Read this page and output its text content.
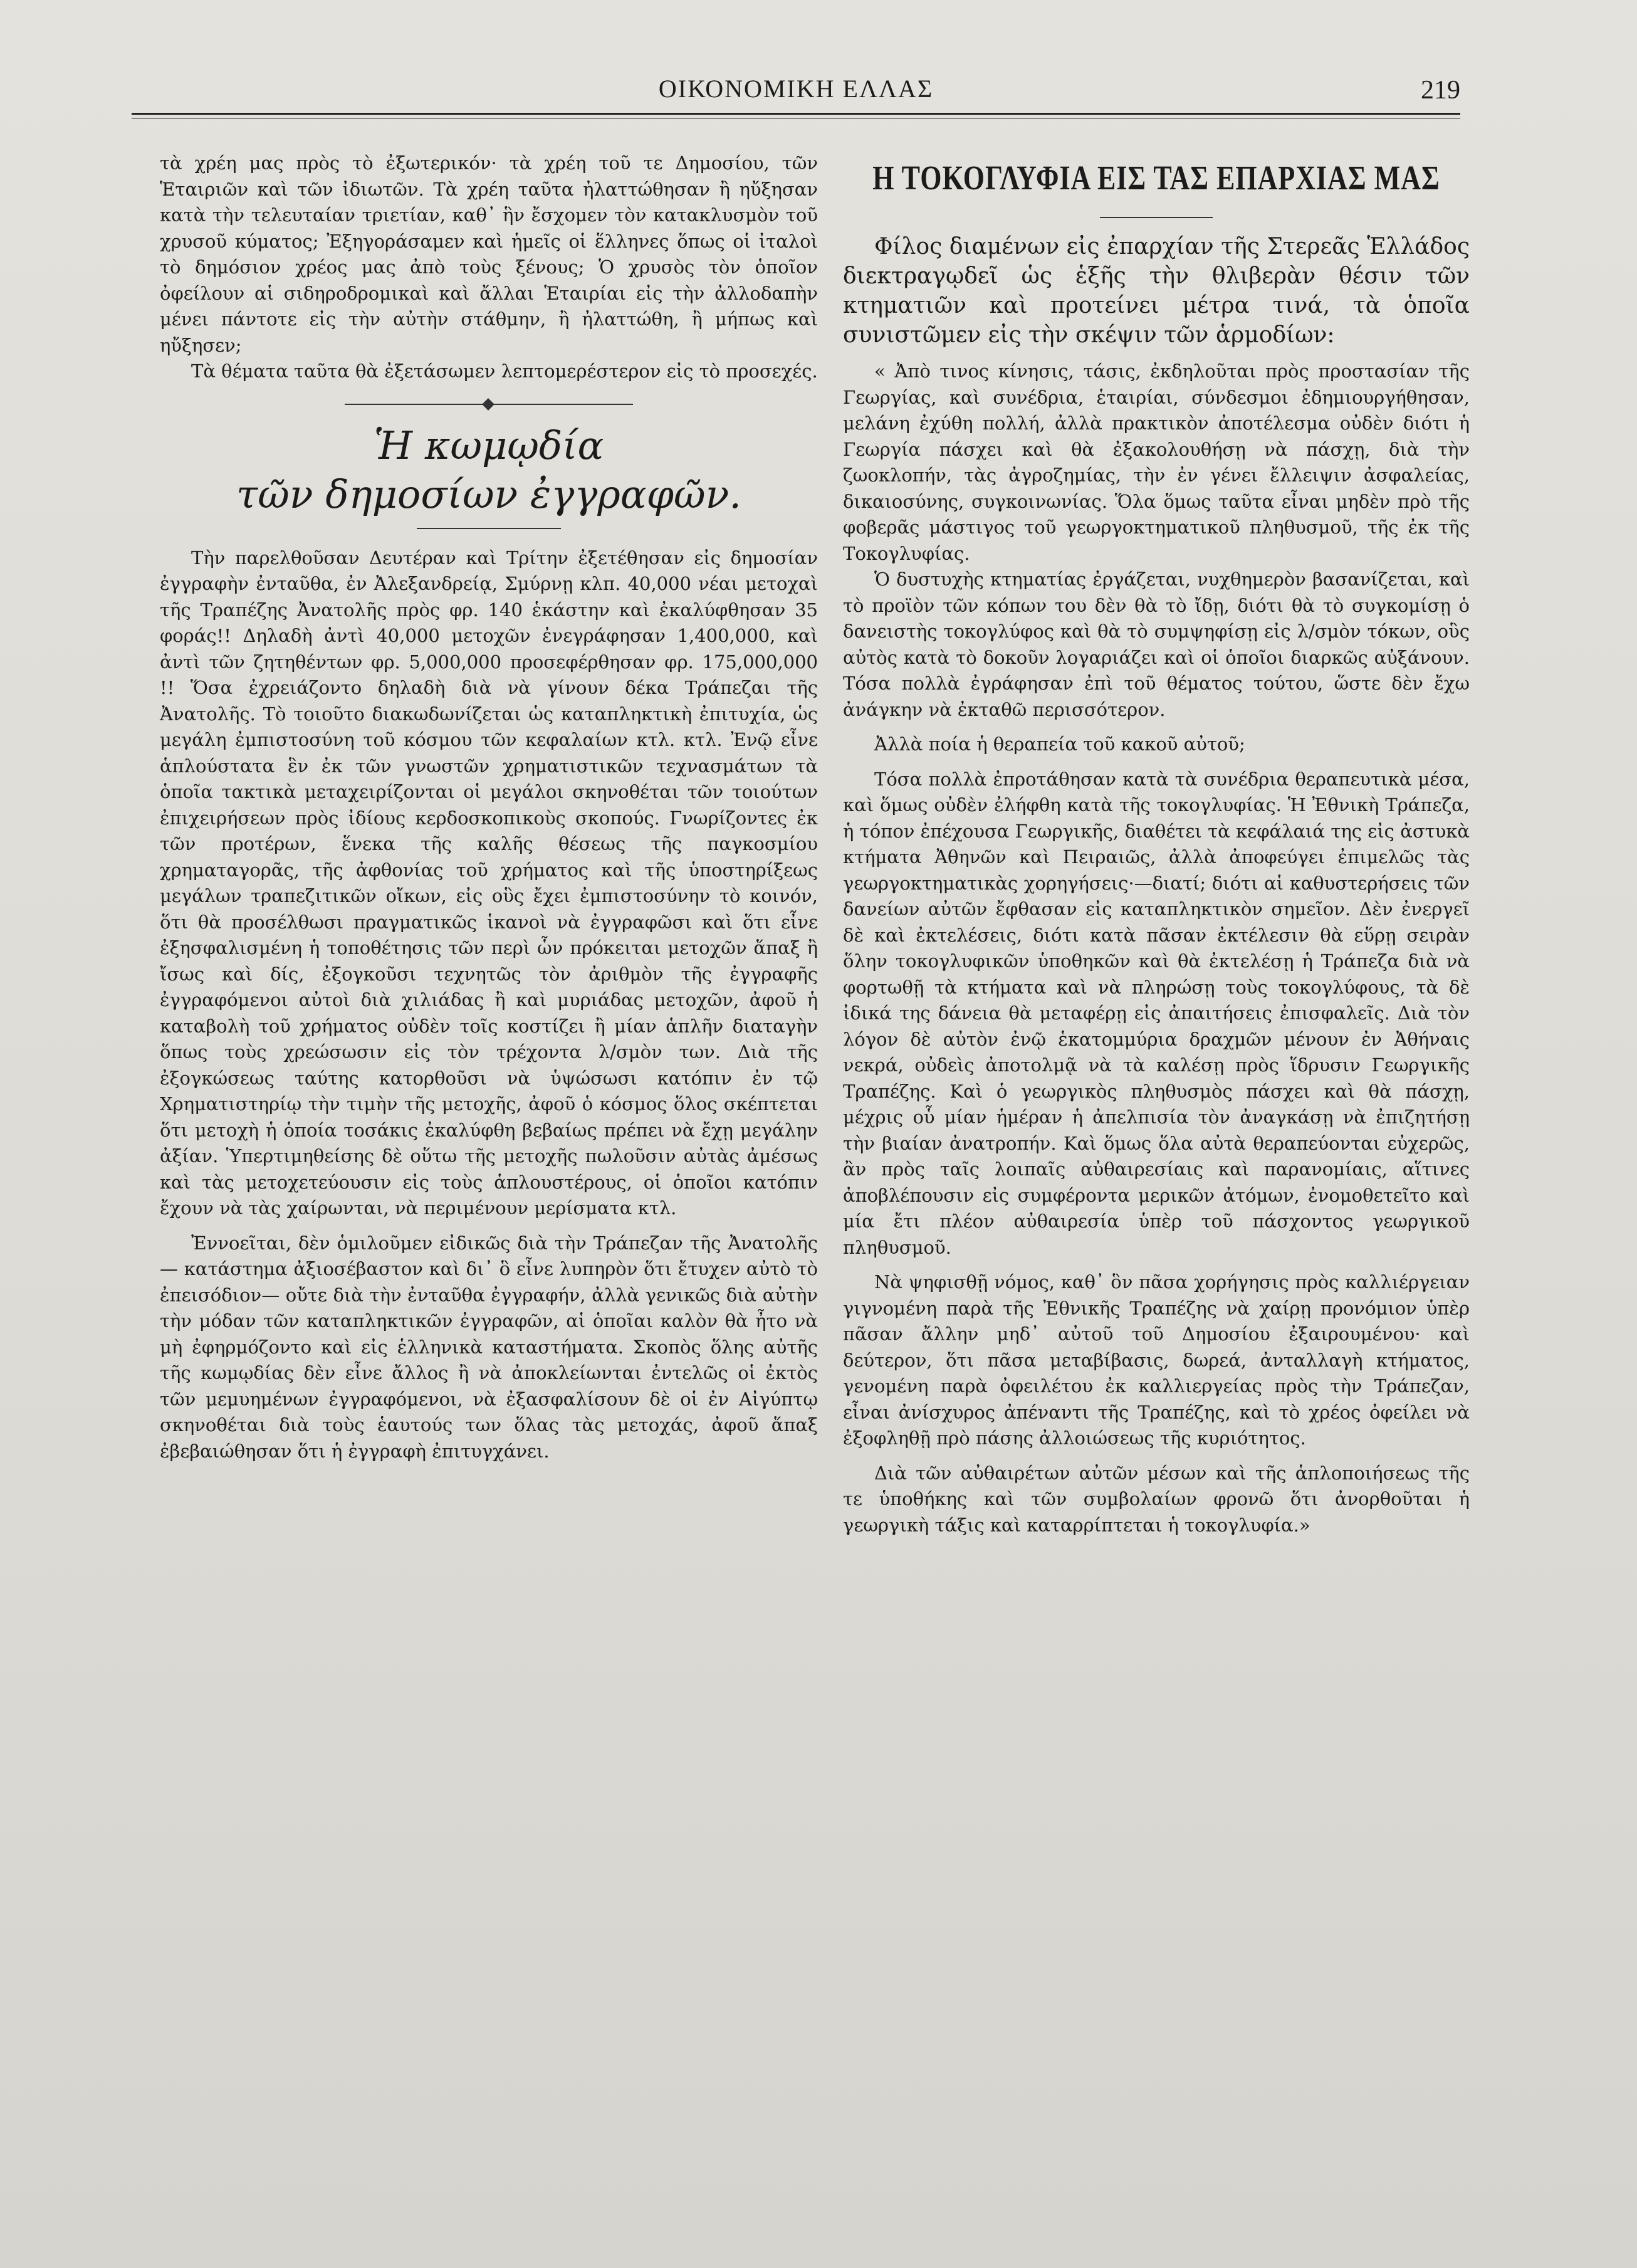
ΟΙΚΟΝΟΜΙΚΗ ΕΛΛΑΣ	219

τὰ χρέη μας πρὸς τὸ ἐξωτερικόν· τὰ χρέη τοῦ τε Δημοσίου, τῶν Ἑταιριῶν καὶ τῶν ἰδιωτῶν. Τὰ χρέη ταῦτα ἠλαττώθησαν ἢ ηὔξησαν κατὰ τὴν τελευταίαν τριετίαν, καθ᾿ ἣν ἔσχομεν τὸν κατακλυσμὸν τοῦ χρυσοῦ κύματος; Ἐξηγοράσαμεν καὶ ἡμεῖς οἱ ἕλληνες ὅπως οἱ ἰταλοὶ τὸ δημόσιον χρέος μας ἀπὸ τοὺς ξένους; Ὁ χρυσὸς τὸν ὁποῖον ὀφείλουν αἱ σιδηροδρομικαὶ καὶ ἄλλαι Ἑταιρίαι εἰς τὴν ἀλλοδαπὴν μένει πάντοτε εἰς τὴν αὐτὴν στάθμην, ἢ ἠλαττώθη, ἢ μήπως καὶ ηὔξησεν;

Τὰ θέματα ταῦτα θὰ ἐξετάσωμεν λεπτομερέστερον εἰς τὸ προσεχές.

Ἡ κωμῳδία
τῶν δημοσίων ἐγγραφῶν.

Τὴν παρελθοῦσαν Δευτέραν καὶ Τρίτην ἐξετέθησαν εἰς δημοσίαν ἐγγραφὴν ἐνταῦθα, ἐν Ἀλεξανδρείᾳ, Σμύρνῃ κλπ. 40,000 νέαι μετοχαὶ τῆς Τραπέζης Ἀνατολῆς πρὸς φρ. 140 ἑκάστην καὶ ἐκαλύφθησαν 35 φοράς!! Δηλαδὴ ἀντὶ 40,000 μετοχῶν ἐνεγράφησαν 1,400,000, καὶ ἀντὶ τῶν ζητηθέντων φρ. 5,000,000 προσεφέρθησαν φρ. 175,000,000 !! Ὅσα ἐχρειάζοντο δηλαδὴ διὰ νὰ γίνουν δέκα Τράπεζαι τῆς Ἀνατολῆς. Τὸ τοιοῦτο διακωδωνίζεται ὡς καταπληκτικὴ ἐπιτυχία, ὡς μεγάλη ἐμπιστοσύνη τοῦ κόσμου τῶν κεφαλαίων κτλ. κτλ. Ἐνῷ εἶνε ἁπλούστατα ἓν ἐκ τῶν γνωστῶν χρηματιστικῶν τεχνασμάτων τὰ ὁποῖα τακτικὰ μεταχειρίζονται οἱ μεγάλοι σκηνοθέται τῶν τοιούτων ἐπιχειρήσεων πρὸς ἰδίους κερδοσκοπικοὺς σκοπούς. Γνωρίζοντες ἐκ τῶν προτέρων, ἕνεκα τῆς καλῆς θέσεως τῆς παγκοσμίου χρηματαγορᾶς, τῆς ἀφθονίας τοῦ χρήματος καὶ τῆς ὑποστηρίξεως μεγάλων τραπεζιτικῶν οἴκων, εἰς οὓς ἔχει ἐμπιστοσύνην τὸ κοινόν, ὅτι θὰ προσέλθωσι πραγματικῶς ἱκανοὶ νὰ ἐγγραφῶσι καὶ ὅτι εἶνε ἐξησφαλισμένη ἡ τοποθέτησις τῶν περὶ ὧν πρόκειται μετοχῶν ἅπαξ ἢ ἴσως καὶ δίς, ἐξογκοῦσι τεχνητῶς τὸν ἀριθμὸν τῆς ἐγγραφῆς ἐγγραφόμενοι αὐτοὶ διὰ χιλιάδας ἢ καὶ μυριάδας μετοχῶν, ἀφοῦ ἡ καταβολὴ τοῦ χρήματος οὐδὲν τοῖς κοστίζει ἢ μίαν ἁπλῆν διαταγὴν ὅπως τοὺς χρεώσωσιν εἰς τὸν τρέχοντα λ/σμὸν των. Διὰ τῆς ἐξογκώσεως ταύτης κατορθοῦσι νὰ ὑψώσωσι κατόπιν ἐν τῷ Χρηματιστηρίῳ τὴν τιμὴν τῆς μετοχῆς, ἀφοῦ ὁ κόσμος ὅλος σκέπτεται ὅτι μετοχὴ ἡ ὁποία τοσάκις ἐκαλύφθη βεβαίως πρέπει νὰ ἔχῃ μεγάλην ἀξίαν. Ὑπερτιμηθείσης δὲ οὕτω τῆς μετοχῆς πωλοῦσιν αὐτὰς ἀμέσως καὶ τὰς μετοχετεύουσιν εἰς τοὺς ἁπλουστέρους, οἱ ὁποῖοι κατόπιν ἔχουν νὰ τὰς χαίρωνται, νὰ περιμένουν μερίσματα κτλ.

Ἐννοεῖται, δὲν ὁμιλοῦμεν εἰδικῶς διὰ τὴν Τράπεζαν τῆς Ἀνατολῆς — κατάστημα ἀξιοσέβαστον καὶ δι᾿ ὃ εἶνε λυπηρὸν ὅτι ἔτυχεν αὐτὸ τὸ ἐπεισόδιον— οὔτε διὰ τὴν ἐνταῦθα ἐγγραφήν, ἀλλὰ γενικῶς διὰ αὐτὴν τὴν μόδαν τῶν καταπληκτικῶν ἐγγραφῶν, αἱ ὁποῖαι καλὸν θὰ ἦτο νὰ μὴ ἐφηρμόζοντο καὶ εἰς ἑλληνικὰ καταστήματα. Σκοπὸς ὅλης αὐτῆς τῆς κωμῳδίας δὲν εἶνε ἄλλος ἢ νὰ ἀποκλείωνται ἐντελῶς οἱ ἐκτὸς τῶν μεμυημένων ἐγγραφόμενοι, νὰ ἐξασφαλίσουν δὲ οἱ ἐν Αἰγύπτῳ σκηνοθέται διὰ τοὺς ἑαυτούς των ὅλας τὰς μετοχάς, ἀφοῦ ἅπαξ ἐβεβαιώθησαν ὅτι ἡ ἐγγραφὴ ἐπιτυγχάνει.

Η ΤΟΚΟΓΛΥΦΙΑ ΕΙΣ ΤΑΣ ΕΠΑΡΧΙΑΣ ΜΑΣ

Φίλος διαμένων εἰς ἐπαρχίαν τῆς Στερεᾶς Ἑλλάδος διεκτραγῳδεῖ ὡς ἑξῆς τὴν θλιβερὰν θέσιν τῶν κτηματιῶν καὶ προτείνει μέτρα τινά, τὰ ὁποῖα συνιστῶμεν εἰς τὴν σκέψιν τῶν ἁρμοδίων:

« Ἀπὸ τινος κίνησις, τάσις, ἐκδηλοῦται πρὸς προστασίαν τῆς Γεωργίας, καὶ συνέδρια, ἑταιρίαι, σύνδεσμοι ἐδημιουργήθησαν, μελάνη ἐχύθη πολλή, ἀλλὰ πρακτικὸν ἀποτέλεσμα οὐδὲν διότι ἡ Γεωργία πάσχει καὶ θὰ ἐξακολουθήσῃ νὰ πάσχῃ, διὰ τὴν ζωοκλοπήν, τὰς ἀγροζημίας, τὴν ἐν γένει ἔλλειψιν ἀσφαλείας, δικαιοσύνης, συγκοινωνίας. Ὅλα ὅμως ταῦτα εἶναι μηδὲν πρὸ τῆς φοβερᾶς μάστιγος τοῦ γεωργοκτηματικοῦ πληθυσμοῦ, τῆς ἐκ τῆς Τοκογλυφίας.

Ὁ δυστυχὴς κτηματίας ἐργάζεται, νυχθημερὸν βασανίζεται, καὶ τὸ προϊὸν τῶν κόπων του δὲν θὰ τὸ ἴδῃ, διότι θὰ τὸ συγκομίσῃ ὁ δανειστὴς τοκογλύφος καὶ θὰ τὸ συμψηφίσῃ εἰς λ/σμὸν τόκων, οὓς αὐτὸς κατὰ τὸ δοκοῦν λογαριάζει καὶ οἱ ὁποῖοι διαρκῶς αὐξάνουν. Τόσα πολλὰ ἐγράφησαν ἐπὶ τοῦ θέματος τούτου, ὥστε δὲν ἔχω ἀνάγκην νὰ ἐκταθῶ περισσότερον.

Ἀλλὰ ποία ἡ θεραπεία τοῦ κακοῦ αὐτοῦ;

Τόσα πολλὰ ἐπροτάθησαν κατὰ τὰ συνέδρια θεραπευτικὰ μέσα, καὶ ὅμως οὐδὲν ἐλήφθη κατὰ τῆς τοκογλυφίας. Ἡ Ἐθνικὴ Τράπεζα, ἡ τόπον ἐπέχουσα Γεωργικῆς, διαθέτει τὰ κεφάλαιά της εἰς ἀστυκὰ κτήματα Ἀθηνῶν καὶ Πειραιῶς, ἀλλὰ ἀποφεύγει ἐπιμελῶς τὰς γεωργοκτηματικὰς χορηγήσεις·—διατί; διότι αἱ καθυστερήσεις τῶν δανείων αὐτῶν ἔφθασαν εἰς καταπληκτικὸν σημεῖον. Δὲν ἐνεργεῖ δὲ καὶ ἐκτελέσεις, διότι κατὰ πᾶσαν ἐκτέλεσιν θὰ εὕρῃ σειρὰν ὅλην τοκογλυφικῶν ὑποθηκῶν καὶ θὰ ἐκτελέσῃ ἡ Τράπεζα διὰ νὰ φορτωθῇ τὰ κτήματα καὶ νὰ πληρώσῃ τοὺς τοκογλύφους, τὰ δὲ ἰδικά της δάνεια θὰ μεταφέρῃ εἰς ἀπαιτήσεις ἐπισφαλεῖς. Διὰ τὸν λόγον δὲ αὐτὸν ἐνῷ ἑκατομμύρια δραχμῶν μένουν ἐν Ἀθήναις νεκρά, οὐδεὶς ἀποτολμᾷ νὰ τὰ καλέσῃ πρὸς ἵδρυσιν Γεωργικῆς Τραπέζης. Καὶ ὁ γεωργικὸς πληθυσμὸς πάσχει καὶ θὰ πάσχῃ, μέχρις οὗ μίαν ἡμέραν ἡ ἀπελπισία τὸν ἀναγκάσῃ νὰ ἐπιζητήσῃ τὴν βιαίαν ἀνατροπήν. Καὶ ὅμως ὅλα αὐτὰ θεραπεύονται εὐχερῶς, ἂν πρὸς ταῖς λοιπαῖς αὐθαιρεσίαις καὶ παρανομίαις, αἵτινες ἀποβλέπουσιν εἰς συμφέροντα μερικῶν ἀτόμων, ἐνομοθετεῖτο καὶ μία ἔτι πλέον αὐθαιρεσία ὑπὲρ τοῦ πάσχοντος γεωργικοῦ πληθυσμοῦ.

Νὰ ψηφισθῇ νόμος, καθ᾿ ὃν πᾶσα χορήγησις πρὸς καλλιέργειαν γιγνομένη παρὰ τῆς Ἐθνικῆς Τραπέζης νὰ χαίρῃ προνόμιον ὑπὲρ πᾶσαν ἄλλην μηδ᾿ αὐτοῦ τοῦ Δημοσίου ἐξαιρουμένου· καὶ δεύτερον, ὅτι πᾶσα μεταβίβασις, δωρεά, ἀνταλλαγὴ κτήματος, γενομένη παρὰ ὀφειλέτου ἐκ καλλιεργείας πρὸς τὴν Τράπεζαν, εἶναι ἀνίσχυρος ἀπέναντι τῆς Τραπέζης, καὶ τὸ χρέος ὀφείλει νὰ ἐξοφληθῇ πρὸ πάσης ἀλλοιώσεως τῆς κυριότητος.

Διὰ τῶν αὐθαιρέτων αὐτῶν μέσων καὶ τῆς ἁπλοποιήσεως τῆς τε ὑποθήκης καὶ τῶν συμβολαίων φρονῶ ὅτι ἀνορθοῦται ἡ γεωργικὴ τάξις καὶ καταρρίπτεται ἡ τοκογλυφία.»
